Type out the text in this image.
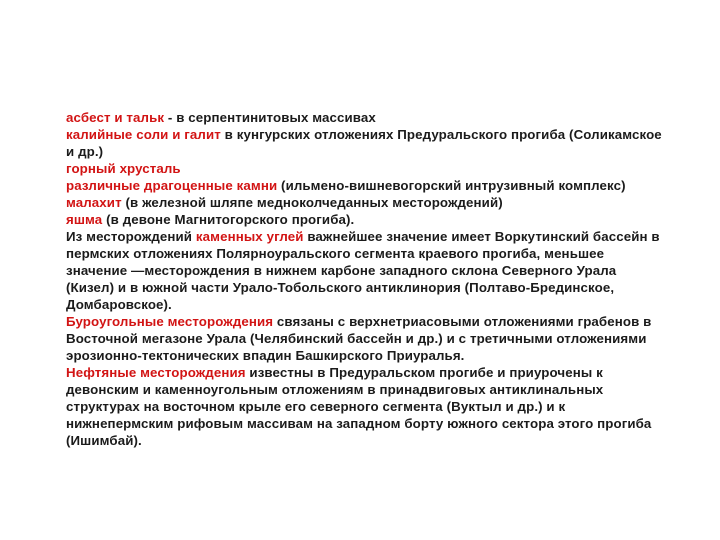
асбест и тальк - в серпентинитовых массивах

калийные соли и галит в кунгурских отложениях Предуральского прогиба (Соликамское и др.)

горный хрусталь

различные драгоценные камни (ильмено-вишневогорский интрузивный комплекс)

малахит (в железной шляпе медноколчеданных месторождений)

яшма (в девоне Магнитогорского прогиба).

Из месторождений каменных углей важнейшее значение имеет Воркутинский бассейн в пермских отложениях Полярноуральского сегмента краевого прогиба, меньшее значение —месторождения в нижнем карбоне западного склона Северного Урала (Кизел) и в южной части Урало-Тобольского антиклинория (Полтаво-Брединское, Домбаровское).

Буроугольные месторождения связаны с верхнетриасовыми отложениями грабенов в Восточной мегазоне Урала (Челябинский бассейн и др.) и с третичными отложениями эрозионно-тектонических впадин Башкирского Приуралья.

Нефтяные месторождения известны в Предуральском прогибе и приурочены к девонским и каменноугольным отложениям в принадвиговых антиклинальных структурах на восточном крыле его северного сегмента (Вуктыл и др.) и к нижнепермским рифовым массивам на западном борту южного сектора этого прогиба (Ишимбай).
